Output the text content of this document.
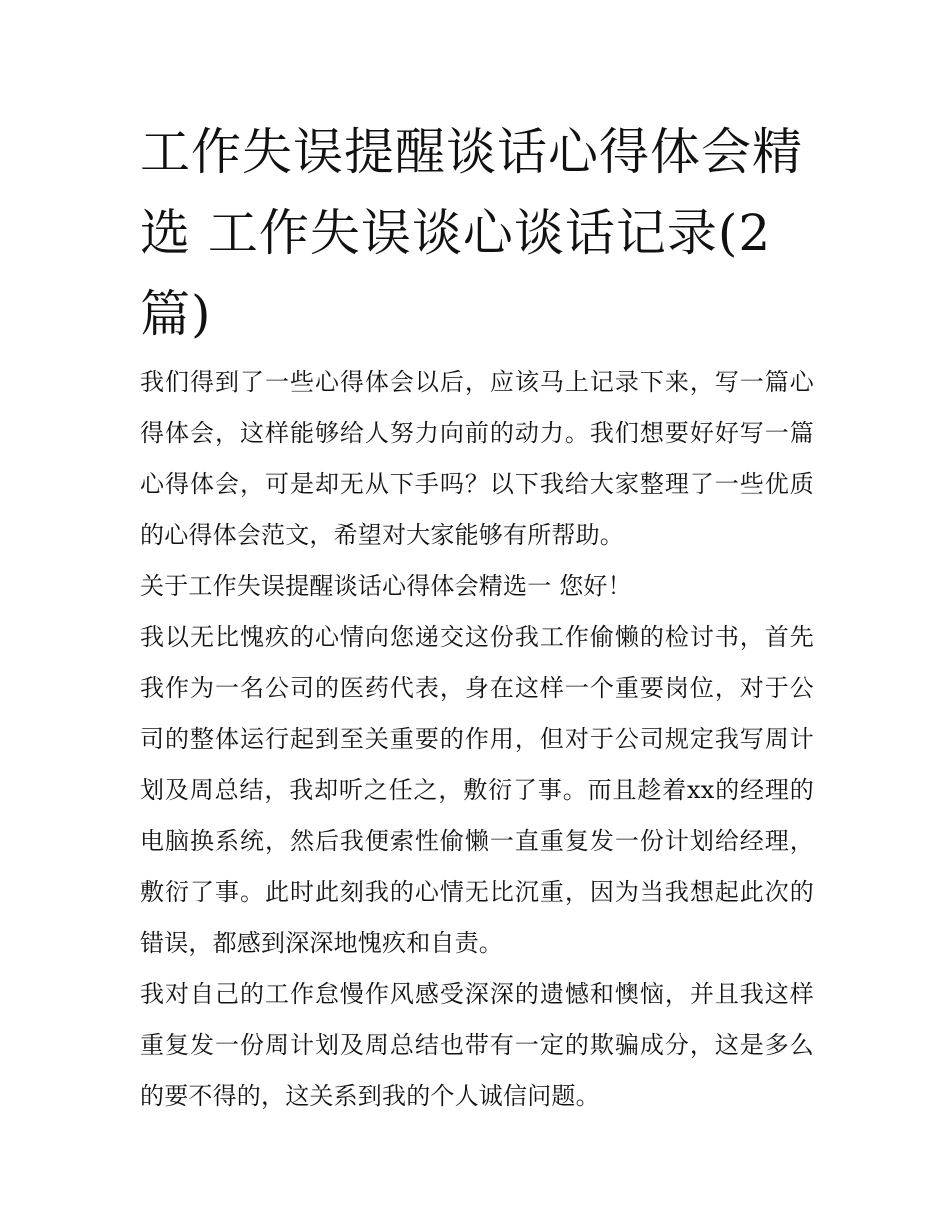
工作失误提醒谈话心得体会精选 工作失误谈心谈话记录(2篇)

我们得到了一些心得体会以后，应该马上记录下来，写一篇心得体会，这样能够给人努力向前的动力。我们想要好好写一篇心得体会，可是却无从下手吗？以下我给大家整理了一些优质的心得体会范文，希望对大家能够有所帮助。

关于工作失误提醒谈话心得体会精选一 您好！

我以无比愧疚的心情向您递交这份我工作偷懒的检讨书，首先我作为一名公司的医药代表，身在这样一个重要岗位，对于公司的整体运行起到至关重要的作用，但对于公司规定我写周计划及周总结，我却听之任之，敷衍了事。而且趁着xx的经理的电脑换系统，然后我便索性偷懒一直重复发一份计划给经理，敷衍了事。此时此刻我的心情无比沉重，因为当我想起此次的错误，都感到深深地愧疚和自责。

我对自己的工作怠慢作风感受深深的遗憾和懊恼，并且我这样重复发一份周计划及周总结也带有一定的欺骗成分，这是多么的要不得的，这关系到我的个人诚信问题。
